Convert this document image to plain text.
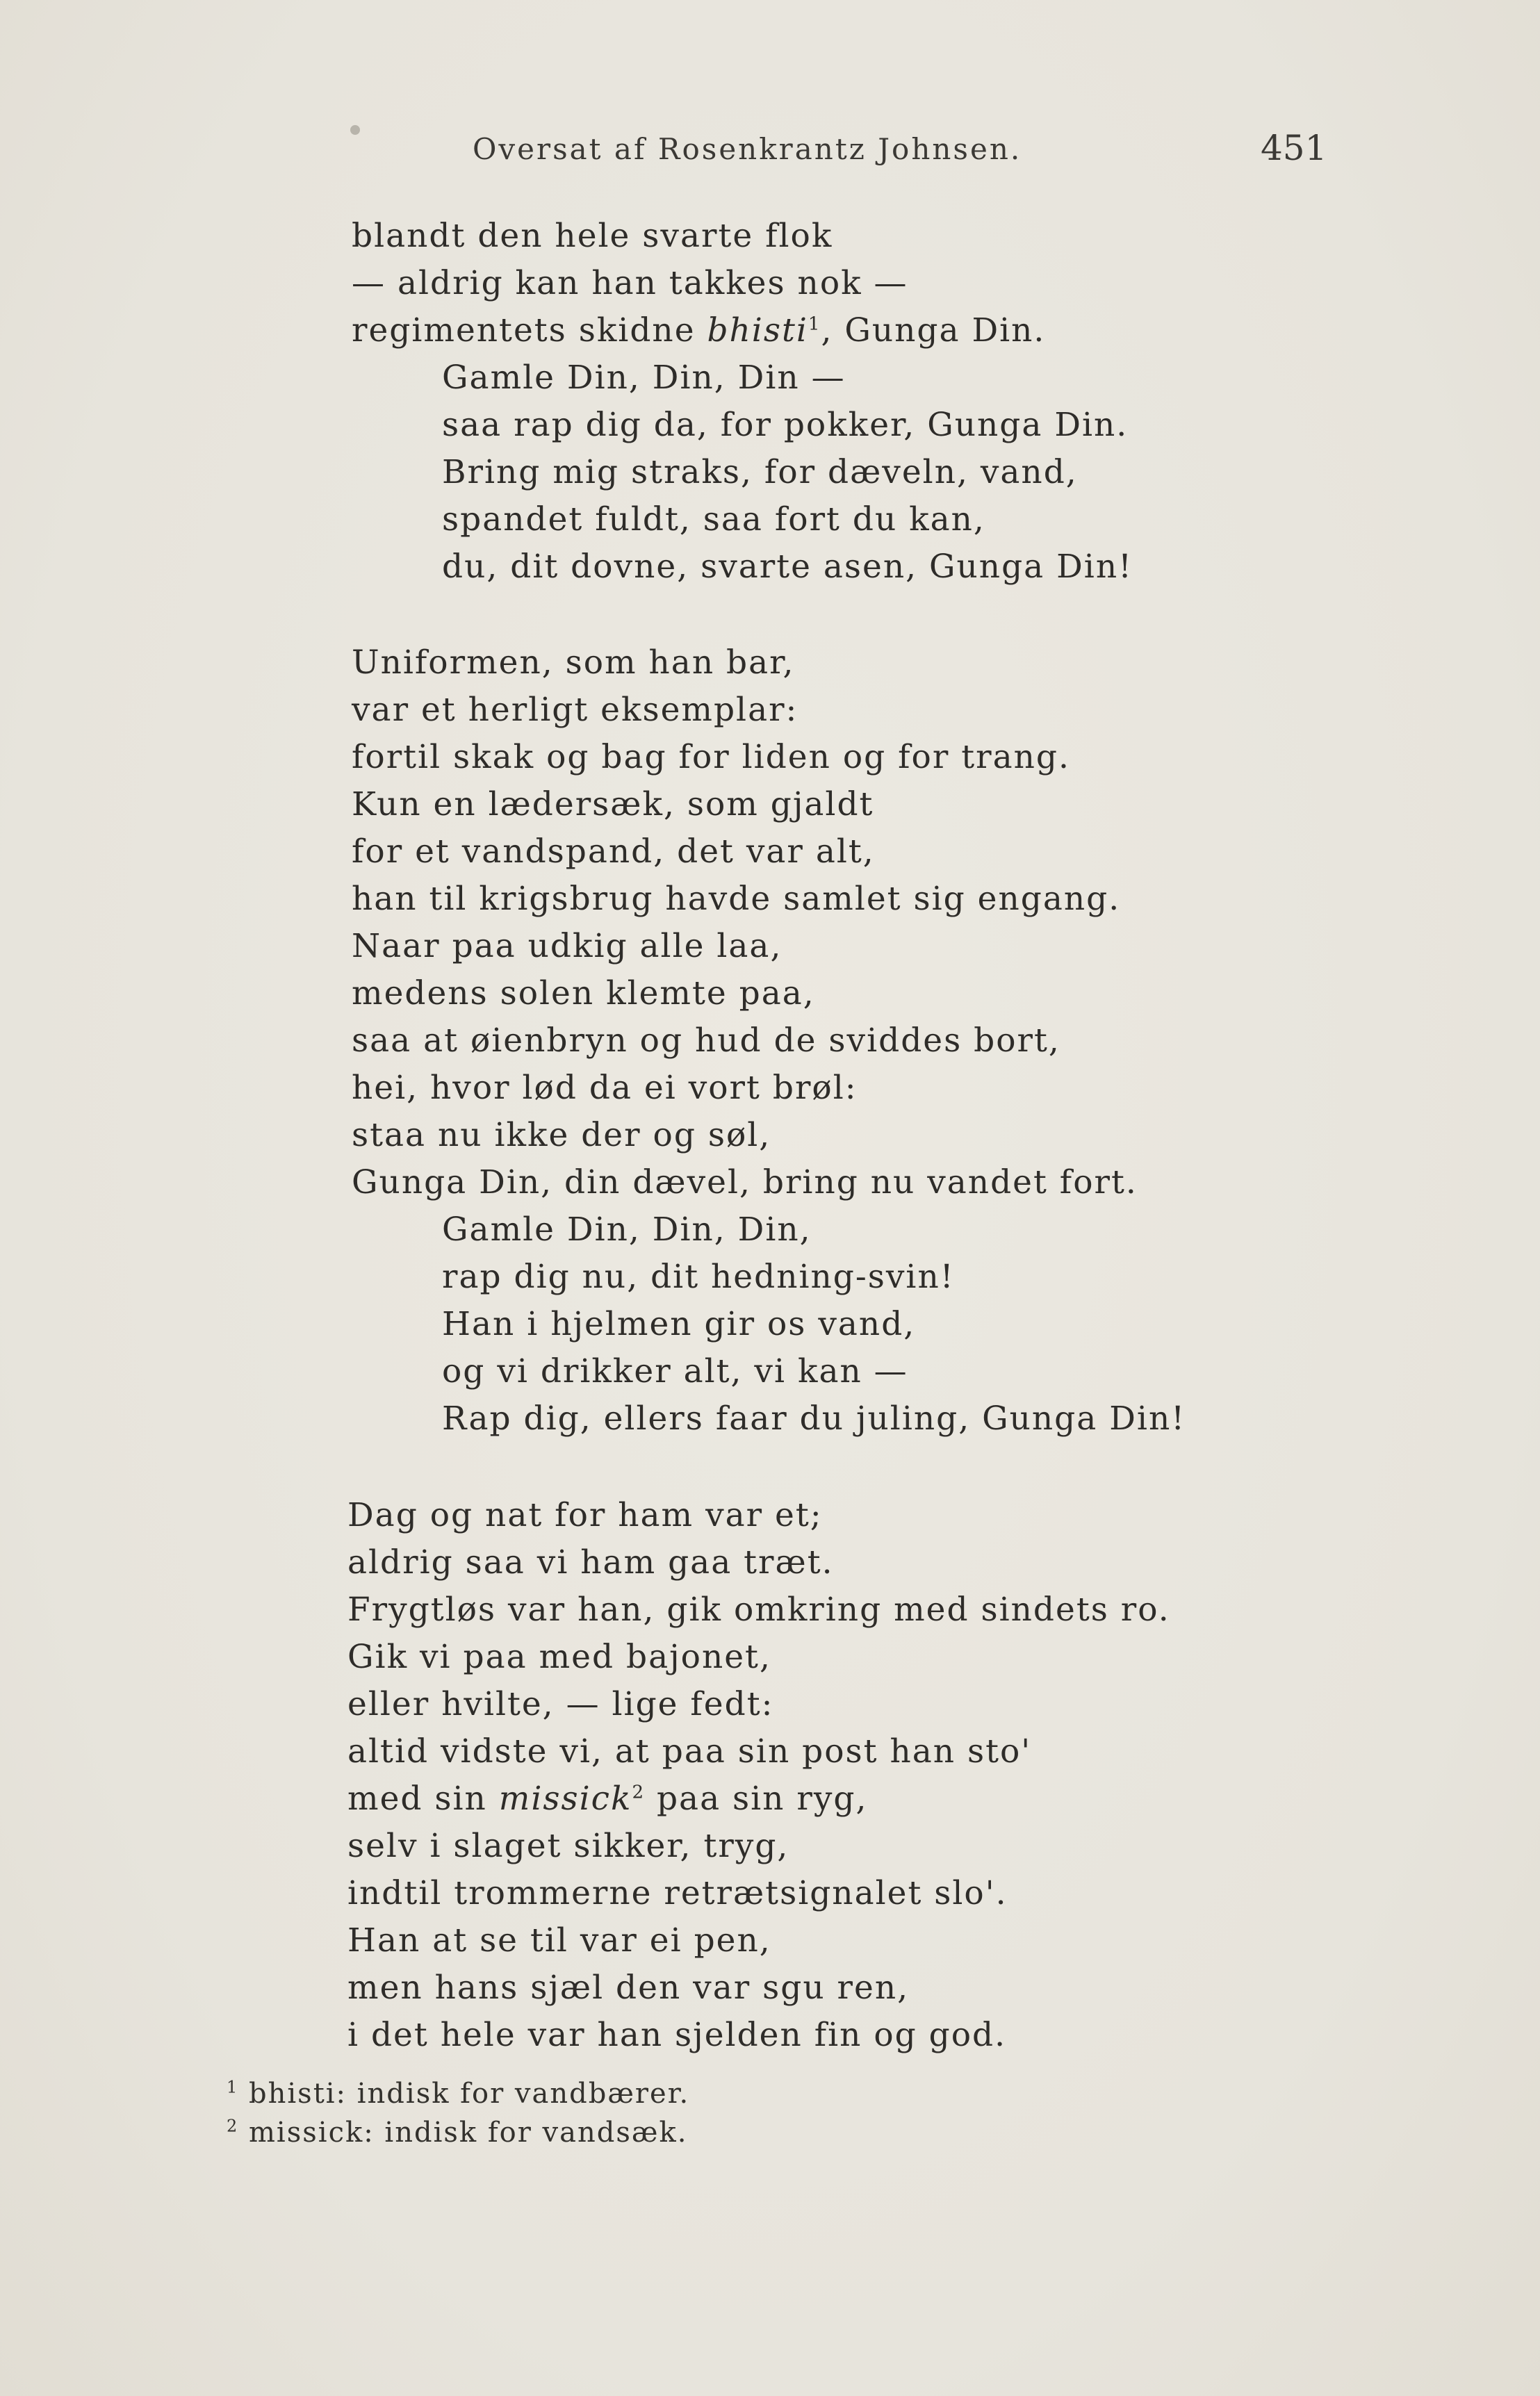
Oversat af Rosenkrantz Johnsen.	451
blandt den hele svarte flok
— aldrig kan han takkes nok —
regimentets skidne bhisti$^1$, Gunga Din.
Gamle Din, Din, Din —
saa rap dig da, for pokker, Gunga Din.
Bring mig straks, for dæveln, vand,
spandet fuldt, saa fort du kan,
du, dit dovne, svarte asen, Gunga Din!
Uniformen, som han bar,
var et herligt eksemplar:
fortil skak og bag for liden og for trang.
Kun en lædersæk, som gjaldt
for et vandspand, det var alt,
han til krigsbrug havde samlet sig engang.
Naar paa udkig alle laa,
medens solen klemte paa,
saa at øienbryn og hud de sviddes bort,
hei, hvor lød da ei vort brøl:
staa nu ikke der og søl,
Gunga Din, din dævel, bring nu vandet fort.
Gamle Din, Din, Din,
rap dig nu, dit hedning-svin!
Han i hjelmen gir os vand,
og vi drikker alt, vi kan —
Rap dig, ellers faar du juling, Gunga Din!
Dag og nat for ham var et;
aldrig saa vi ham gaa træt.
Frygtløs var han, gik omkring med sindets ro.
Gik vi paa med bajonet,
eller hvilte, — lige fedt:
altid vidste vi, at paa sin post han sto'
med sin missick$^2$ paa sin ryg,
selv i slaget sikker, tryg,
indtil trommerne retrætsignalet slo'.
Han at se til var ei pen,
men hans sjæl den var sgu ren,
i det hele var han sjelden fin og god.
$^1$ bhisti: indisk for vandbærer.
$^2$ missick: indisk for vandsæk.
